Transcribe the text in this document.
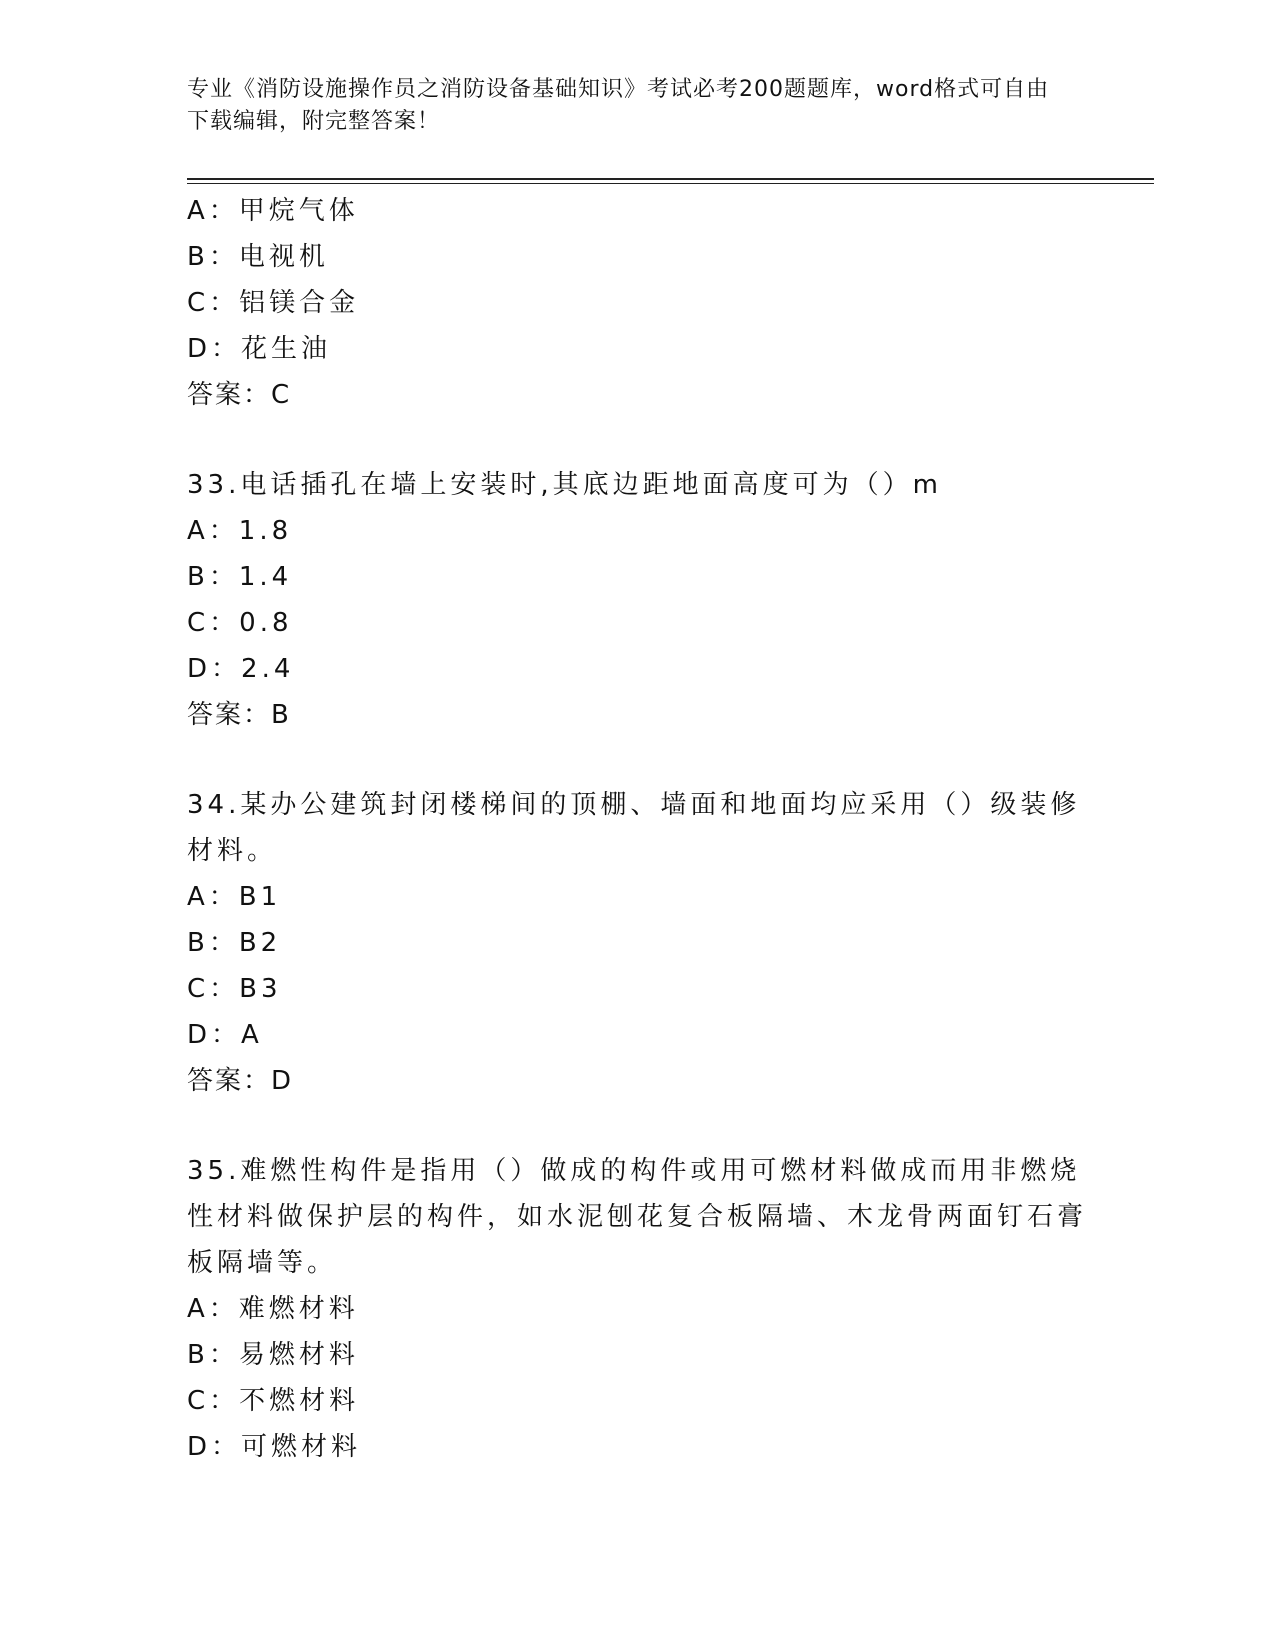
专业《消防设施操作员之消防设备基础知识》考试必考200题题库，word格式可自由下载编辑，附完整答案！

A：甲烷气体

B：电视机

C：铝镁合金

D：花生油

答案：C

33.电话插孔在墙上安装时,其底边距地面高度可为（）m

A：1.8

B：1.4

C：0.8

D：2.4

答案：B

34.某办公建筑封闭楼梯间的顶棚、墙面和地面均应采用（）级装修材料。

A：B1

B：B2

C：B3

D：A

答案：D

35.难燃性构件是指用（）做成的构件或用可燃材料做成而用非燃烧性材料做保护层的构件，如水泥刨花复合板隔墙、木龙骨两面钉石膏板隔墙等。

A：难燃材料

B：易燃材料

C：不燃材料

D：可燃材料
